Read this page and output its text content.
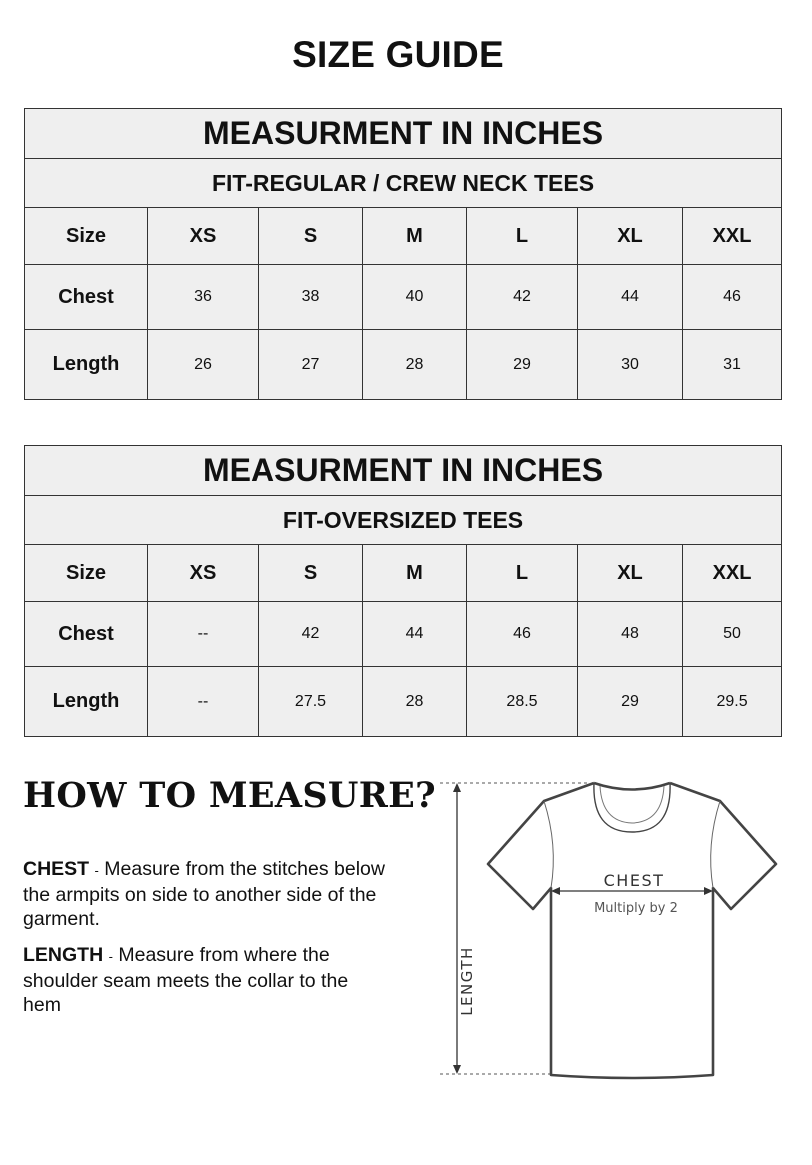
SIZE GUIDE
MEASURMENT IN INCHES						
FIT-REGULAR / CREW NECK TEES						
Size	XS	S	M	L	XL	XXL
Chest	36	38	40	42	44	46
Length	26	27	28	29	30	31
MEASURMENT IN INCHES						
FIT-OVERSIZED TEES						
Size	XS	S	M	L	XL	XXL
Chest	--	42	44	46	48	50
Length	--	27.5	28	28.5	29	29.5
HOW TO MEASURE?
CHEST - Measure from the stitches below the armpits on side to another side of the garment.
LENGTH - Measure from where the shoulder seam meets the collar to the hem	LENGTH
CHEST
Multiply by 2
